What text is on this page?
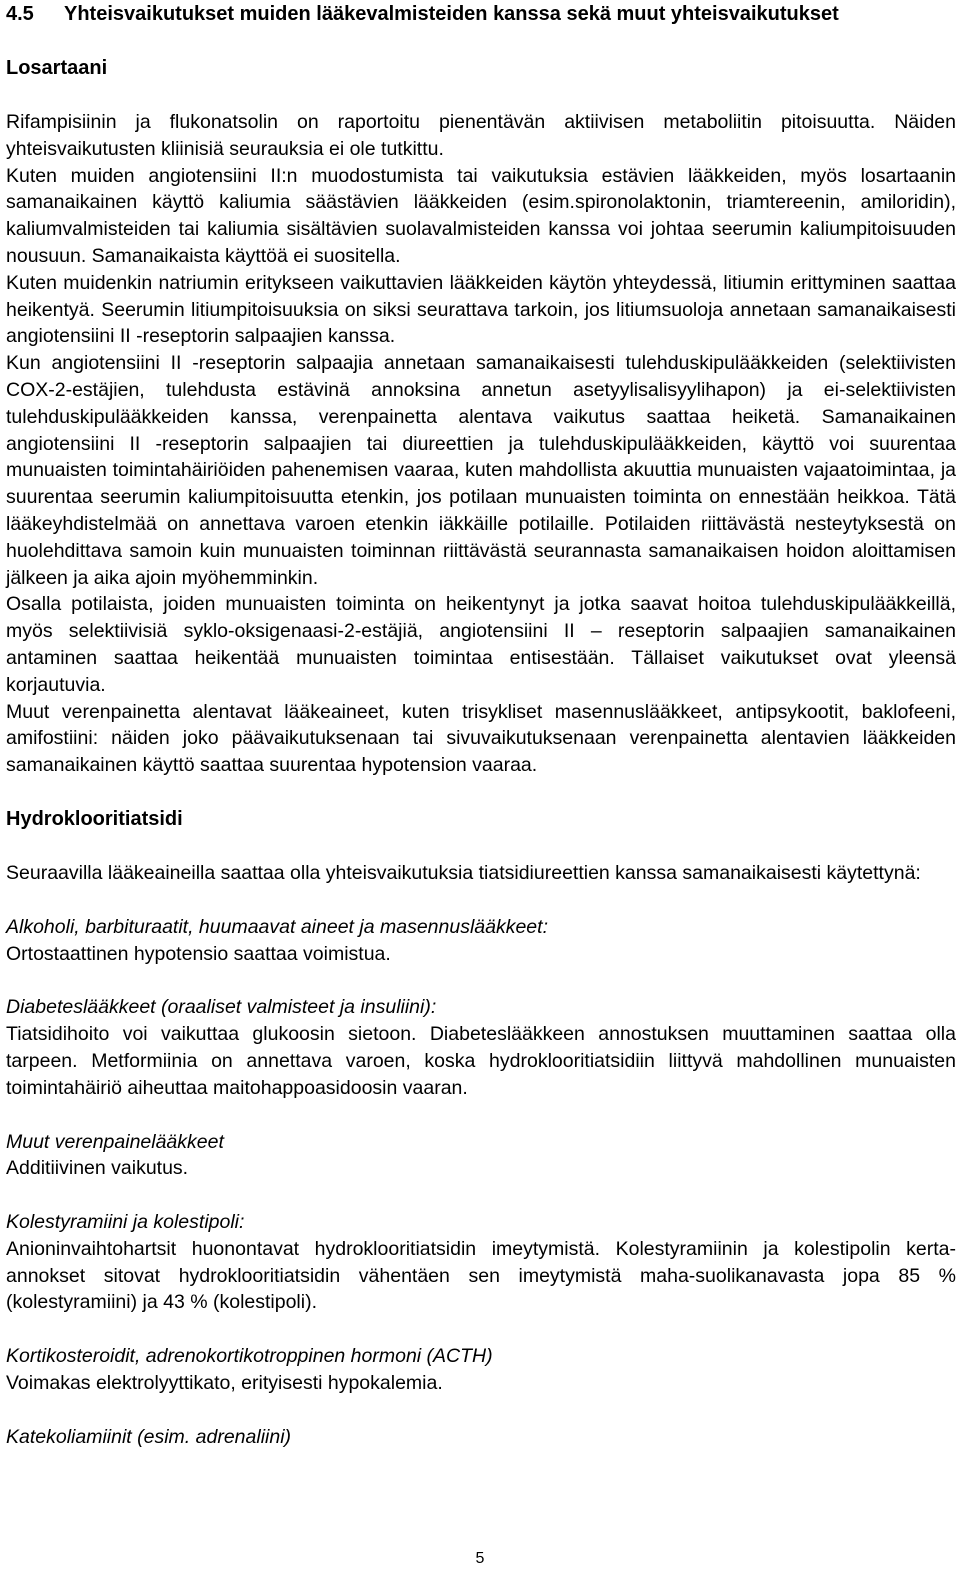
4.5	Yhteisvaikutukset muiden lääkevalmisteiden kanssa sekä muut yhteisvaikutukset
Losartaani

Rifampisiinin ja flukonatsolin on raportoitu pienentävän aktiivisen metaboliitin pitoisuutta. Näiden yhteisvaikutusten kliinisiä seurauksia ei ole tutkittu.

Kuten muiden angiotensiini II:n muodostumista tai vaikutuksia estävien lääkkeiden, myös losartaanin samanaikainen käyttö kaliumia säästävien lääkkeiden (esim.spironolaktonin, triamtereenin, amiloridin), kaliumvalmisteiden tai kaliumia sisältävien suolavalmisteiden kanssa voi johtaa seerumin kaliumpitoisuuden nousuun. Samanaikaista käyttöä ei suositella.

Kuten muidenkin natriumin eritykseen vaikuttavien lääkkeiden käytön yhteydessä, litiumin erittyminen saattaa heikentyä. Seerumin litiumpitoisuuksia on siksi seurattava tarkoin, jos litiumsuoloja annetaan samanaikaisesti angiotensiini II -reseptorin salpaajien kanssa.

Kun angiotensiini II -reseptorin salpaajia annetaan samanaikaisesti tulehduskipulääkkeiden (selektiivisten COX-2-estäjien, tulehdusta estävinä annoksina annetun asetyylisalisyylihapon) ja ei-selektiivisten tulehduskipulääkkeiden kanssa, verenpainetta alentava vaikutus saattaa heiketä. Samanaikainen angiotensiini II -reseptorin salpaajien tai diureettien ja tulehduskipulääkkeiden, käyttö voi suurentaa munuaisten toimintahäiriöiden pahenemisen vaaraa, kuten mahdollista akuuttia munuaisten vajaatoimintaa, ja suurentaa seerumin kaliumpitoisuutta etenkin, jos potilaan munuaisten toiminta on ennestään heikkoa. Tätä lääkeyhdistelmää on annettava varoen etenkin iäkkäille potilaille. Potilaiden riittävästä nesteytyksestä on huolehdittava samoin kuin munuaisten toiminnan riittävästä seurannasta samanaikaisen hoidon aloittamisen jälkeen ja aika ajoin myöhemminkin.

Osalla potilaista, joiden munuaisten toiminta on heikentynyt ja jotka saavat hoitoa tulehduskipulääkkeillä, myös selektiivisiä syklo-oksigenaasi-2-estäjiä, angiotensiini II – reseptorin salpaajien samanaikainen antaminen saattaa heikentää munuaisten toimintaa entisestään. Tällaiset vaikutukset ovat yleensä korjautuvia.

Muut verenpainetta alentavat lääkeaineet, kuten trisykliset masennuslääkkeet, antipsykootit, baklofeeni, amifostiini: näiden joko päävaikutuksenaan tai sivuvaikutuksenaan verenpainetta alentavien lääkkeiden samanaikainen käyttö saattaa suurentaa hypotension vaaraa.

Hydroklooritiatsidi

Seuraavilla lääkeaineilla saattaa olla yhteisvaikutuksia tiatsidiureettien kanssa samanaikaisesti käytettynä:

Alkoholi, barbituraatit, huumaavat aineet ja masennuslääkkeet:

Ortostaattinen hypotensio saattaa voimistua.

Diabeteslääkkeet (oraaliset valmisteet ja insuliini):

Tiatsidihoito voi vaikuttaa glukoosin sietoon. Diabeteslääkkeen annostuksen muuttaminen saattaa olla tarpeen. Metformiinia on annettava varoen, koska hydroklooritiatsidiin liittyvä mahdollinen munuaisten toimintahäiriö aiheuttaa maitohappoasidoosin vaaran.

Muut verenpainelääkkeet

Additiivinen vaikutus.

Kolestyramiini ja kolestipoli:

Anioninvaihtohartsit huonontavat hydroklooritiatsidin imeytymistä. Kolestyramiinin ja kolestipolin kerta-annokset sitovat hydroklooritiatsidin vähentäen sen imeytymistä maha-suolikanavasta jopa 85 % (kolestyramiini) ja 43 % (kolestipoli).

Kortikosteroidit, adrenokortikotroppinen hormoni (ACTH)

Voimakas elektrolyyttikato, erityisesti hypokalemia.

Katekoliamiinit (esim. adrenaliini)

5
